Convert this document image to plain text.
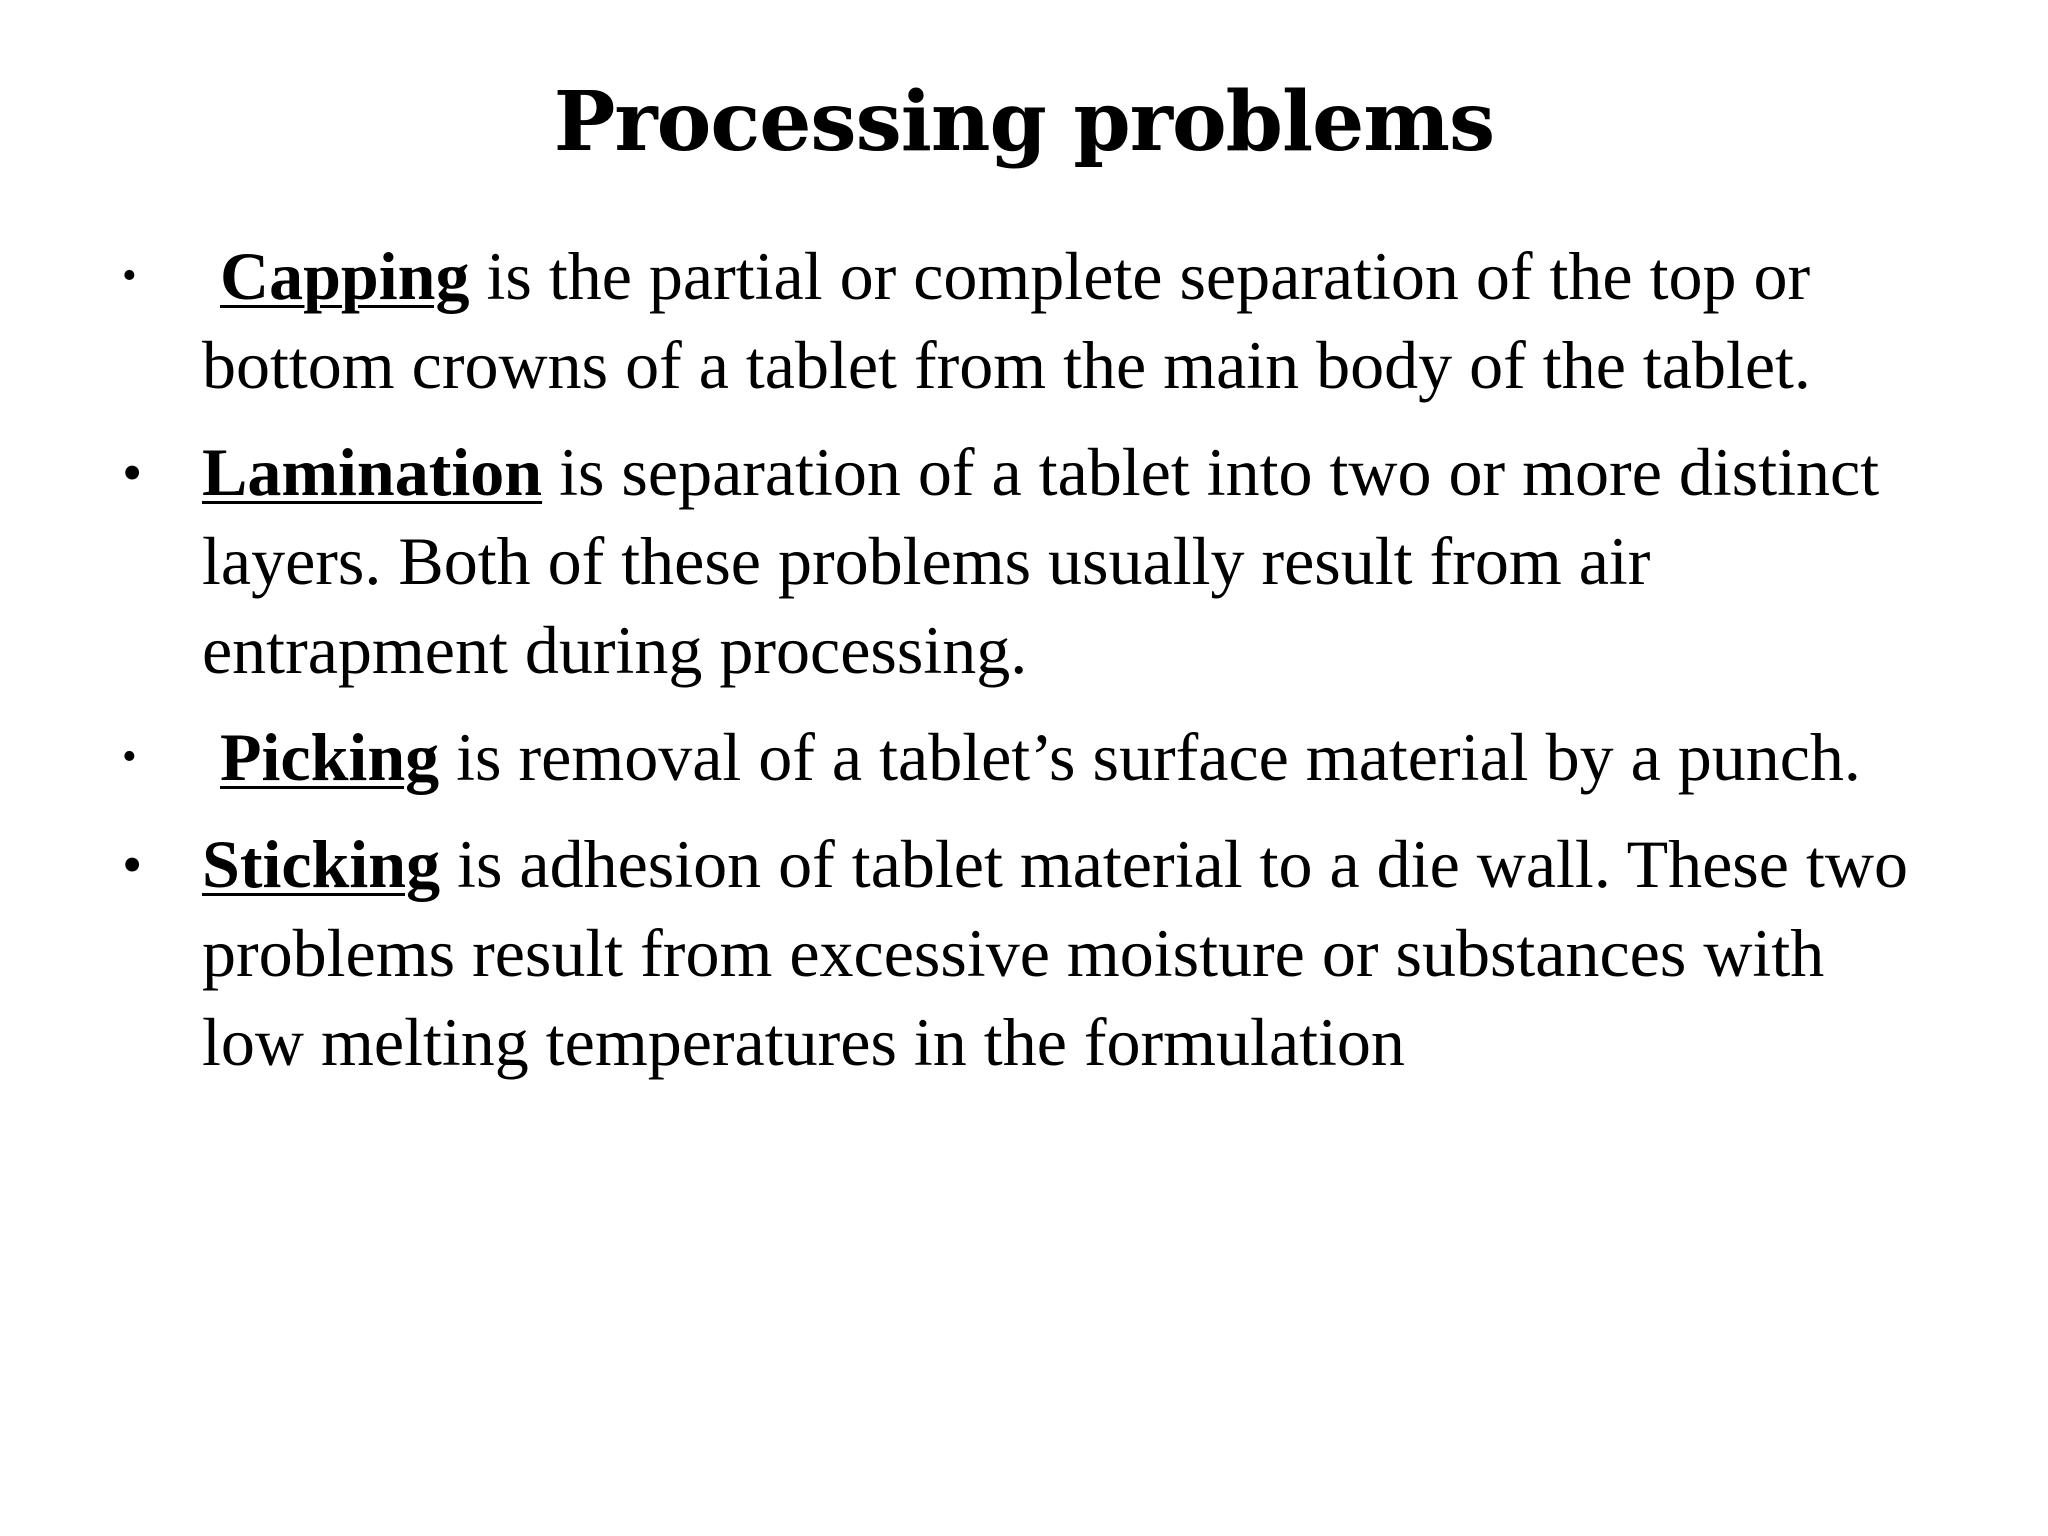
Processing problems
• Capping is the partial or complete separation of the top or bottom crowns of a tablet from the main body of the tablet.
• Lamination is separation of a tablet into two or more distinct layers. Both of these problems usually result from air entrapment during processing.
• Picking is removal of a tablet’s surface material by a punch.
• Sticking is adhesion of tablet material to a die wall. These two problems result from excessive moisture or substances with low melting temperatures in the formulation
